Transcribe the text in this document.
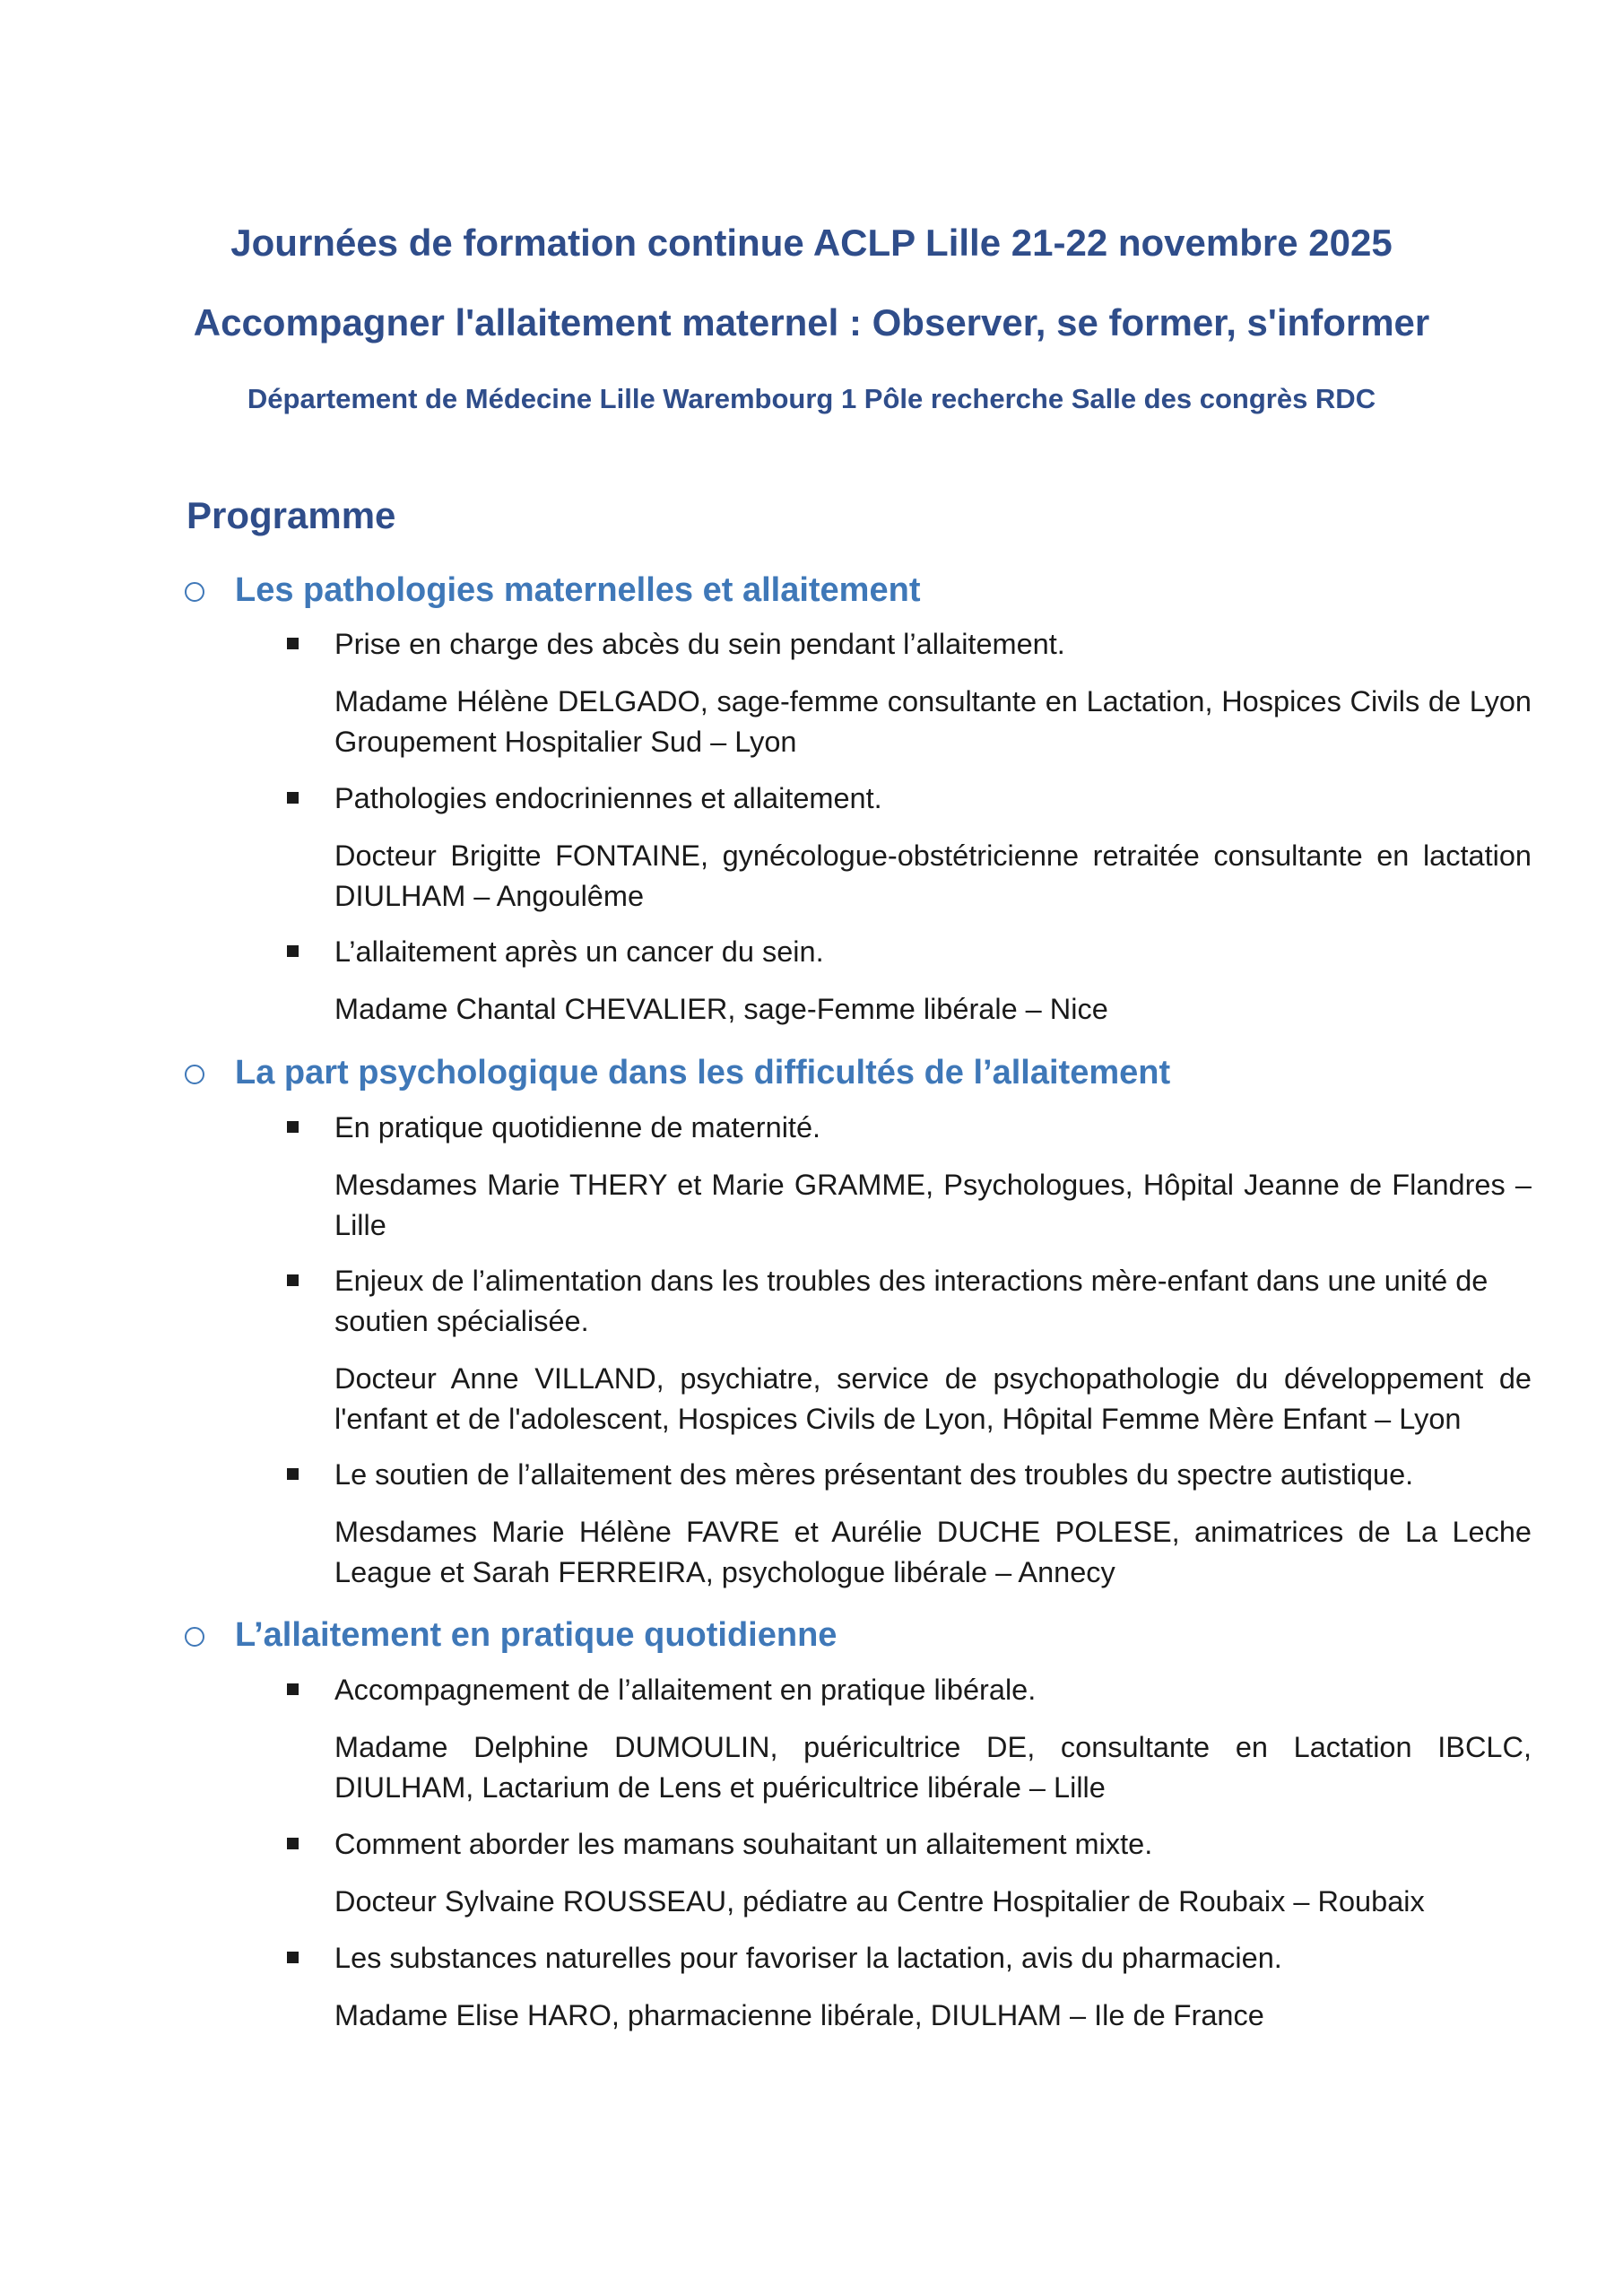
Journées de formation continue ACLP Lille 21-22 novembre 2025
Accompagner l'allaitement maternel : Observer, se former, s'informer
Département de Médecine Lille Warembourg 1 Pôle recherche Salle des congrès RDC
Programme
Les pathologies maternelles et allaitement
Prise en charge des abcès du sein pendant l’allaitement.
Madame Hélène DELGADO, sage-femme consultante en Lactation, Hospices Civils de Lyon Groupement Hospitalier Sud – Lyon
Pathologies endocriniennes et allaitement.
Docteur Brigitte FONTAINE, gynécologue-obstétricienne retraitée consultante en lactation DIULHAM – Angoulême
L’allaitement après un cancer du sein.
Madame Chantal CHEVALIER, sage-Femme libérale – Nice
La part psychologique dans les difficultés de l’allaitement
En pratique quotidienne de maternité.
Mesdames Marie THERY et Marie GRAMME, Psychologues, Hôpital Jeanne de Flandres – Lille
Enjeux de l’alimentation dans les troubles des interactions mère-enfant dans une unité de soutien spécialisée.
Docteur Anne VILLAND, psychiatre, service de psychopathologie du développement de l'enfant et de l'adolescent, Hospices Civils de Lyon, Hôpital Femme Mère Enfant – Lyon
Le soutien de l’allaitement des mères présentant des troubles du spectre autistique.
Mesdames Marie Hélène FAVRE et Aurélie DUCHE POLESE, animatrices de La Leche League et Sarah FERREIRA, psychologue libérale – Annecy
L’allaitement en pratique quotidienne
Accompagnement de l’allaitement en pratique libérale.
Madame Delphine DUMOULIN, puéricultrice DE, consultante en Lactation IBCLC, DIULHAM, Lactarium de Lens et puéricultrice libérale – Lille
Comment aborder les mamans souhaitant un allaitement mixte.
Docteur Sylvaine ROUSSEAU, pédiatre au Centre Hospitalier de Roubaix – Roubaix
Les substances naturelles pour favoriser la lactation, avis du pharmacien.
Madame Elise HARO, pharmacienne libérale, DIULHAM – Ile de France
